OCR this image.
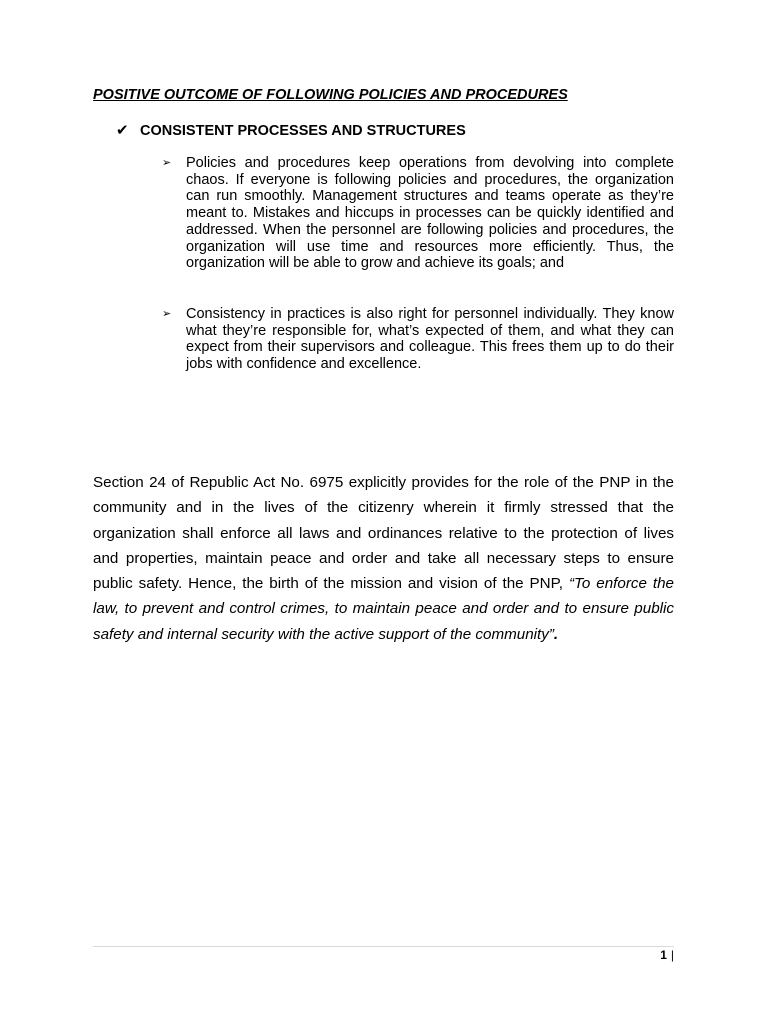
POSITIVE OUTCOME OF FOLLOWING POLICIES AND PROCEDURES
✔ CONSISTENT PROCESSES AND STRUCTURES
➢ Policies and procedures keep operations from devolving into complete chaos. If everyone is following policies and procedures, the organization can run smoothly. Management structures and teams operate as they’re meant to. Mistakes and hiccups in processes can be quickly identified and addressed. When the personnel are following policies and procedures, the organization will use time and resources more efficiently. Thus, the organization will be able to grow and achieve its goals; and
➢ Consistency in practices is also right for personnel individually. They know what they’re responsible for, what’s expected of them, and what they can expect from their supervisors and colleague. This frees them up to do their jobs with confidence and excellence.
Section 24 of Republic Act No. 6975 explicitly provides for the role of the PNP in the community and in the lives of the citizenry wherein it firmly stressed that the organization shall enforce all laws and ordinances relative to the protection of lives and properties, maintain peace and order and take all necessary steps to ensure public safety. Hence, the birth of the mission and vision of the PNP, “To enforce the law, to prevent and control crimes, to maintain peace and order and to ensure public safety and internal security with the active support of the community”.
1 |
